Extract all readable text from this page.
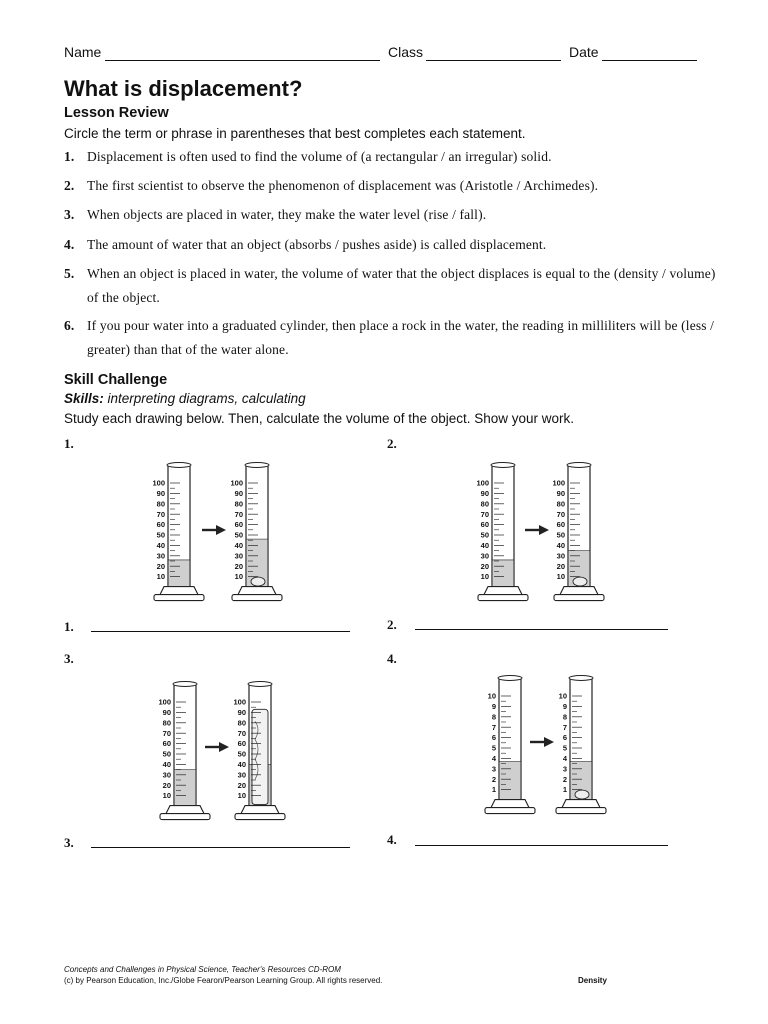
Name	Class	Date
What is displacement?
Lesson Review
Circle the term or phrase in parentheses that best completes each statement.
1. Displacement is often used to find the volume of (a rectangular / an irregular) solid.
2. The first scientist to observe the phenomenon of displacement was (Aristotle / Archimedes).
3. When objects are placed in water, they make the water level (rise / fall).
4. The amount of water that an object (absorbs / pushes aside) is called displacement.
5. When an object is placed in water, the volume of water that the object displaces is equal to the (density / volume) of the object.
6. If you pour water into a graduated cylinder, then place a rock in the water, the reading in milliliters will be (less / greater) than that of the water alone.
Skill Challenge
Skills: interpreting diagrams, calculating
Study each drawing below. Then, calculate the volume of the object. Show your work.
1.	2.
3.	4.
100
90
80
70
60
50
40
30
20
10
100
90
80
70
60
50
40
30
20
10
100
90
80
70
60
50
40
30
20
10
100
90
80
70
60
50
40
30
20
10
100
90
80
70
60
50
40
30
20
10
100
90
80
70
60
50
40
30
20
10
10
9
8
7
6
5
4
3
2
1
10
9
8
7
6
5
4
3
2
1
1.	2.
3.	4.
Concepts and Challenges in Physical Science, Teacher's Resources CD-ROM
(c) by Pearson Education, Inc./Globe Fearon/Pearson Learning Group. All rights reserved.	Density
